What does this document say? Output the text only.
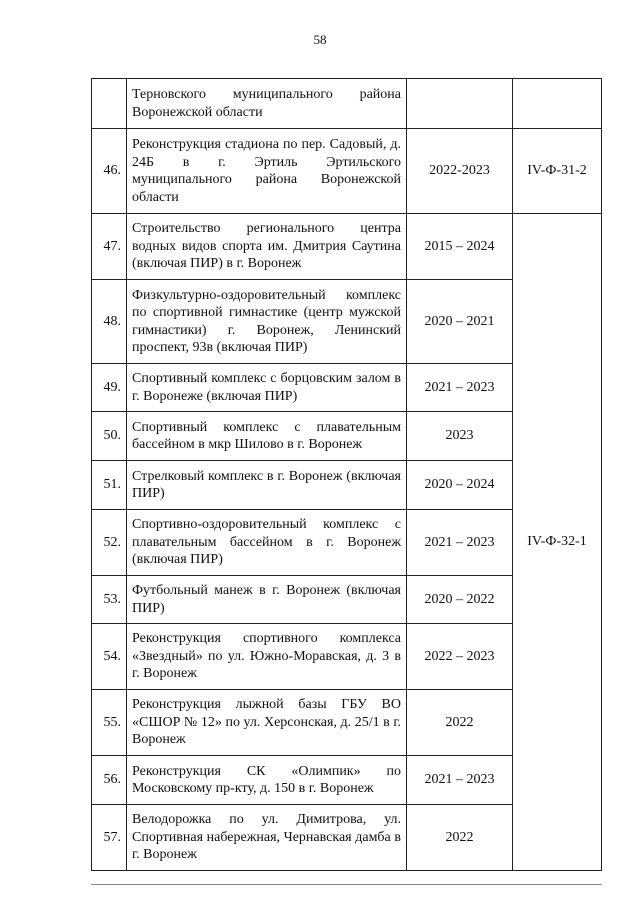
58
	Терновского муниципального района Воронежской области		
46.	Реконструкция стадиона по пер. Садовый, д. 24Б в г. Эртиль Эртильского муниципального района Воронежской области	2022-2023	IV-Ф-31-2
47.	Строительство регионального центра водных видов спорта им. Дмитрия Саутина (включая ПИР) в г. Воронеж	2015 – 2024	IV-Ф-32-1
48.	Физкультурно-оздоровительный комплекс по спортивной гимнастике (центр мужской гимнастики) г. Воронеж, Ленинский проспект, 93в (включая ПИР)	2020 – 2021	
49.	Спортивный комплекс с борцовским залом в г. Воронеже (включая ПИР)	2021 – 2023	
50.	Спортивный комплекс с плавательным бассейном в мкр Шилово в г. Воронеж	2023	
51.	Стрелковый комплекс в г. Воронеж (включая ПИР)	2020 – 2024	
52.	Спортивно-оздоровительный комплекс с плавательным бассейном в г. Воронеж (включая ПИР)	2021 – 2023	
53.	Футбольный манеж в г. Воронеж (включая ПИР)	2020 – 2022	
54.	Реконструкция спортивного комплекса «Звездный» по ул. Южно-Моравская, д. 3 в г. Воронеж	2022 – 2023	
55.	Реконструкция лыжной базы ГБУ ВО «СШОР № 12» по ул. Херсонская, д. 25/1 в г. Воронеж	2022	
56.	Реконструкция СК «Олимпик» по Московскому пр-кту, д. 150 в г. Воронеж	2021 – 2023	
57.	Велодорожка по ул. Димитрова, ул. Спортивная набережная, Чернавская дамба в г. Воронеж	2022	
